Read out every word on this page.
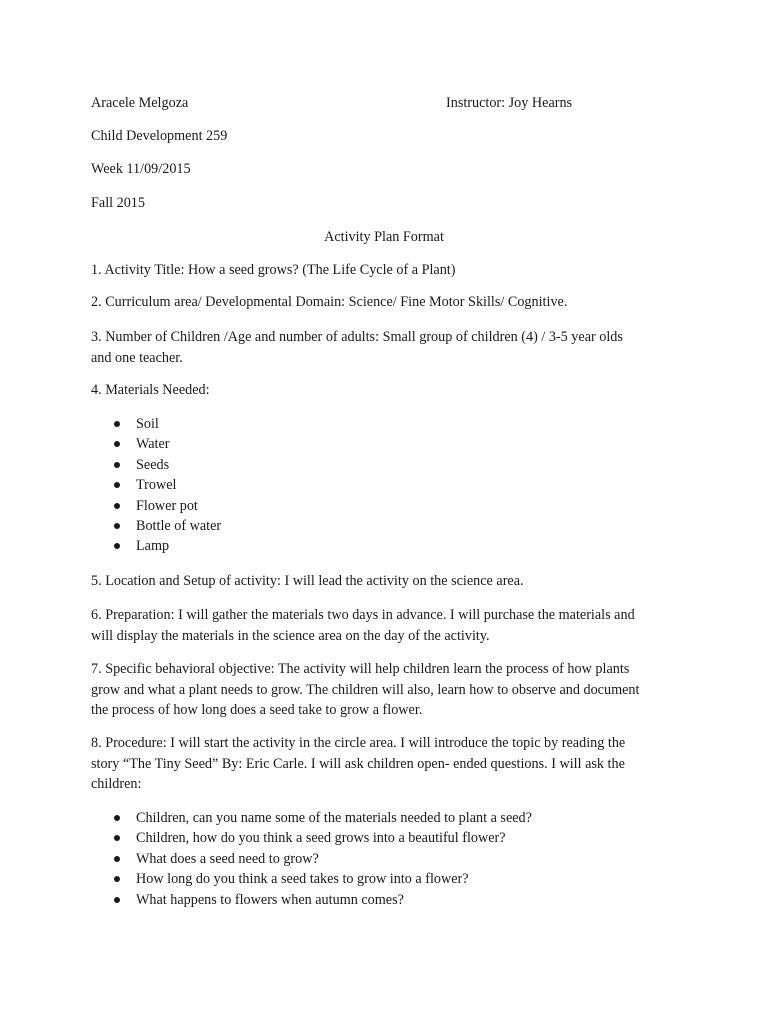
Aracele Melgoza	Instructor: Joy Hearns
Child Development 259
Week 11/09/2015
Fall 2015
Activity Plan Format
1. Activity Title: How a seed grows? (The Life Cycle of a Plant)
2. Curriculum area/ Developmental Domain: Science/ Fine Motor Skills/ Cognitive.
3. Number of Children /Age and number of adults: Small group of children (4) / 3-5 year olds
and one teacher.
4. Materials Needed:
Soil
Water
Seeds
Trowel
Flower pot
Bottle of water
Lamp
5. Location and Setup of activity: I will lead the activity on the science area.
6. Preparation: I will gather the materials two days in advance. I will purchase the materials and
will display the materials in the science area on the day of the activity.
7. Specific behavioral objective: The activity will help children learn the process of how plants
grow and what a plant needs to grow. The children will also, learn how to observe and document
the process of how long does a seed take to grow a flower.
8. Procedure: I will start the activity in the circle area. I will introduce the topic by reading the
story “The Tiny Seed” By: Eric Carle. I will ask children open- ended questions. I will ask the
children:
Children, can you name some of the materials needed to plant a seed?
Children, how do you think a seed grows into a beautiful flower?
What does a seed need to grow?
How long do you think a seed takes to grow into a flower?
What happens to flowers when autumn comes?
